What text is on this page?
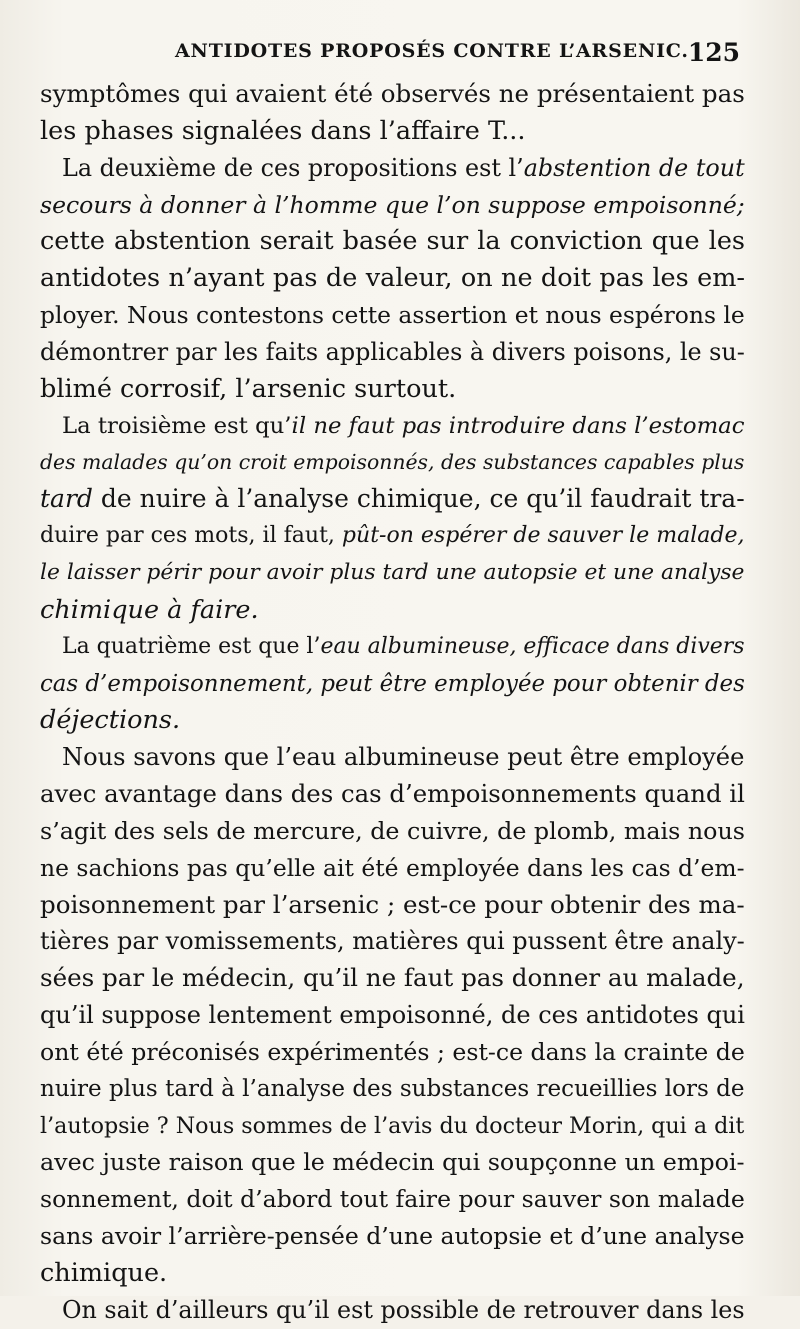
ANTIDOTES PROPOSÉS CONTRE L’ARSENIC. 125
symptômes qui avaient été observés ne présentaient pas
les phases signalées dans l’affaire T...
La deuxième de ces propositions est l’abstention de tout
secours à donner à l’homme que l’on suppose empoisonné;
cette abstention serait basée sur la conviction que les
antidotes n’ayant pas de valeur, on ne doit pas les em-
ployer. Nous contestons cette assertion et nous espérons le
démontrer par les faits applicables à divers poisons, le su-
blimé corrosif, l’arsenic surtout.
La troisième est qu’il ne faut pas introduire dans l’estomac
des malades qu’on croit empoisonnés, des substances capables plus
tard de nuire à l’analyse chimique, ce qu’il faudrait tra-
duire par ces mots, il faut, pût-on espérer de sauver le malade,
le laisser périr pour avoir plus tard une autopsie et une analyse
chimique à faire.
La quatrième est que l’eau albumineuse, efficace dans divers
cas d’empoisonnement, peut être employée pour obtenir des
déjections.
Nous savons que l’eau albumineuse peut être employée
avec avantage dans des cas d’empoisonnements quand il
s’agit des sels de mercure, de cuivre, de plomb, mais nous
ne sachions pas qu’elle ait été employée dans les cas d’em-
poisonnement par l’arsenic ; est-ce pour obtenir des ma-
tières par vomissements, matières qui pussent être analy-
sées par le médecin, qu’il ne faut pas donner au malade,
qu’il suppose lentement empoisonné, de ces antidotes qui
ont été préconisés expérimentés ; est-ce dans la crainte de
nuire plus tard à l’analyse des substances recueillies lors de
l’autopsie ? Nous sommes de l’avis du docteur Morin, qui a dit
avec juste raison que le médecin qui soupçonne un empoi-
sonnement, doit d’abord tout faire pour sauver son malade
sans avoir l’arrière-pensée d’une autopsie et d’une analyse
chimique.
On sait d’ailleurs qu’il est possible de retrouver dans les
